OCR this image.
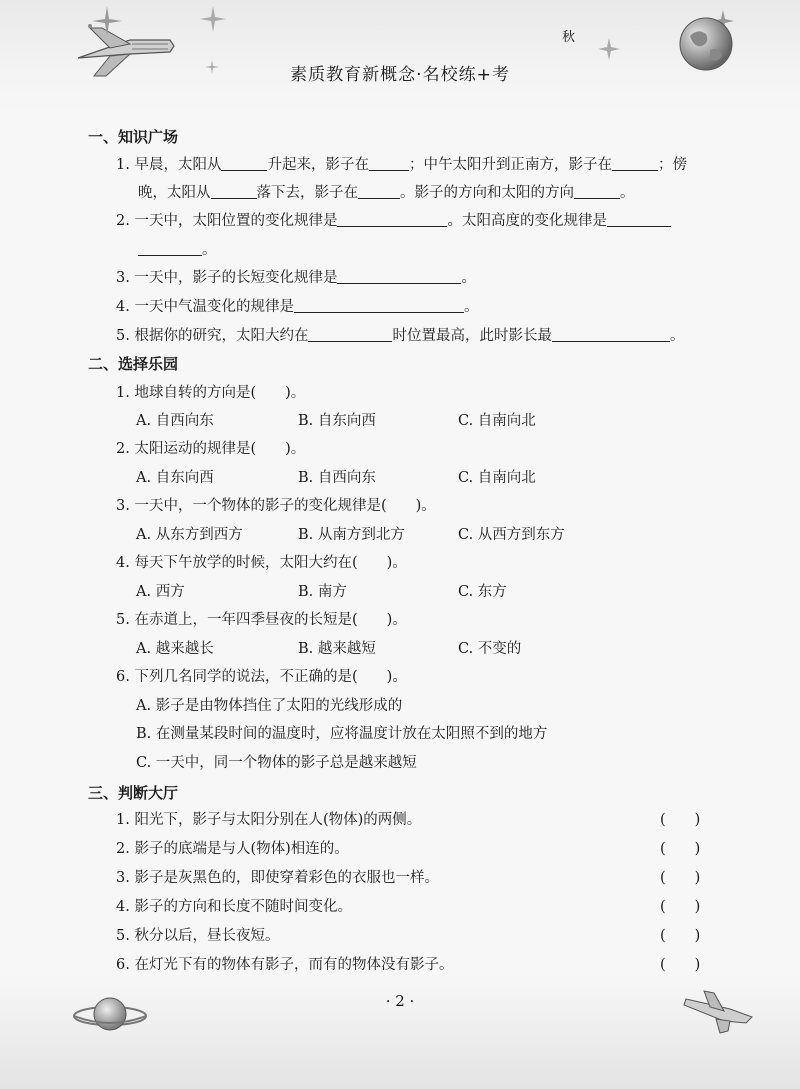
秋
素质教育新概念·名校练+考
一、知识广场
1. 早晨，太阳从	升起来，影子在	；中午太阳升到正南方，影子在	；傍
晚，太阳从	落下去，影子在	。影子的方向和太阳的方向	。
2. 一天中，太阳位置的变化规律是	。太阳高度的变化规律是
。
3. 一天中，影子的长短变化规律是	。
4. 一天中气温变化的规律是	。
5. 根据你的研究，太阳大约在	时位置最高，此时影长最	。
二、选择乐园
1. 地球自转的方向是(　　)。
A. 自西向东	B. 自东向西	C. 自南向北
2. 太阳运动的规律是(　　)。
A. 自东向西	B. 自西向东	C. 自南向北
3. 一天中，一个物体的影子的变化规律是(　　)。
A. 从东方到西方	B. 从南方到北方	C. 从西方到东方
4. 每天下午放学的时候，太阳大约在(　　)。
A. 西方	B. 南方	C. 东方
5. 在赤道上，一年四季昼夜的长短是(　　)。
A. 越来越长	B. 越来越短	C. 不变的
6. 下列几名同学的说法，不正确的是(　　)。
A. 影子是由物体挡住了太阳的光线形成的
B. 在测量某段时间的温度时，应将温度计放在太阳照不到的地方
C. 一天中，同一个物体的影子总是越来越短
三、判断大厅
1. 阳光下，影子与太阳分别在人(物体)的两侧。	(　　)
2. 影子的底端是与人(物体)相连的。	(　　)
3. 影子是灰黑色的，即使穿着彩色的衣服也一样。	(　　)
4. 影子的方向和长度不随时间变化。	(　　)
5. 秋分以后，昼长夜短。	(　　)
6. 在灯光下有的物体有影子，而有的物体没有影子。	(　　)
· 2 ·
